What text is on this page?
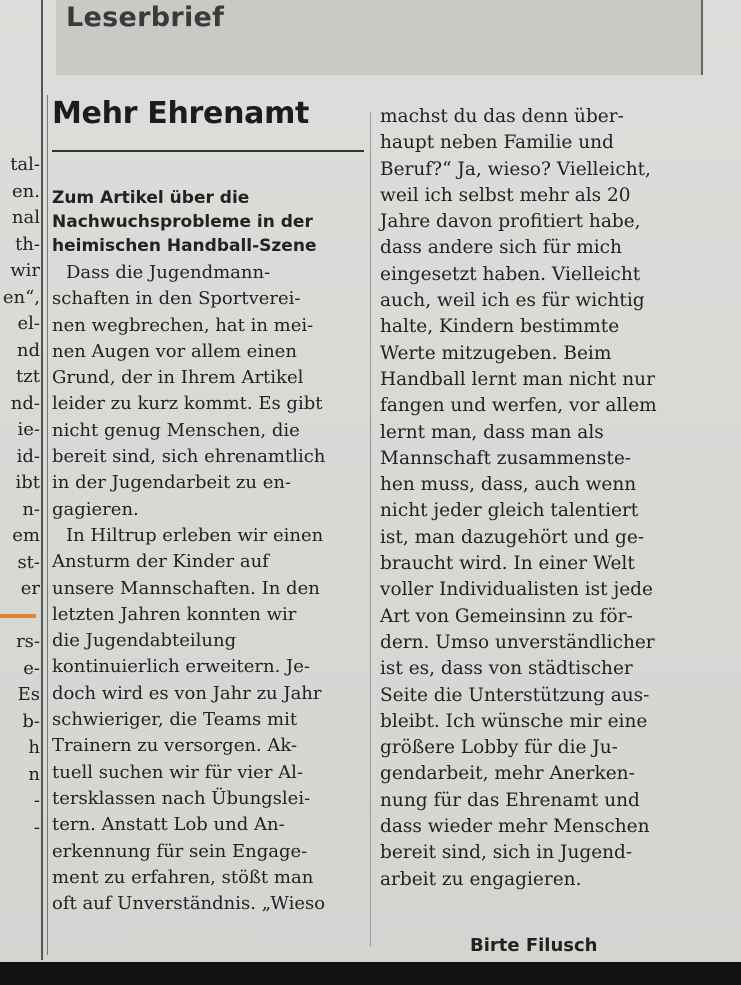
Leserbrief
tal-
en.
nal
th-
wir
en“,
el-
nd
tzt
nd-
ie-
id-
ibt
n-
em
st-
er
rs-
e-
Es
b-
h
n
-
-
Mehr Ehrenamt
Zum Artikel über die
Nachwuchsprobleme in der
heimischen Handball-Szene
Dass die Jugendmann-
schaften in den Sportverei-
nen wegbrechen, hat in mei-
nen Augen vor allem einen
Grund, der in Ihrem Artikel
leider zu kurz kommt. Es gibt
nicht genug Menschen, die
bereit sind, sich ehrenamtlich
in der Jugendarbeit zu en-
gagieren.
In Hiltrup erleben wir einen
Ansturm der Kinder auf
unsere Mannschaften. In den
letzten Jahren konnten wir
die Jugendabteilung
kontinuierlich erweitern. Je-
doch wird es von Jahr zu Jahr
schwieriger, die Teams mit
Trainern zu versorgen. Ak-
tuell suchen wir für vier Al-
tersklassen nach Übungslei-
tern. Anstatt Lob und An-
erkennung für sein Engage-
ment zu erfahren, stößt man
oft auf Unverständnis. „Wieso
machst du das denn über-
haupt neben Familie und
Beruf?“ Ja, wieso? Vielleicht,
weil ich selbst mehr als 20
Jahre davon profitiert habe,
dass andere sich für mich
eingesetzt haben. Vielleicht
auch, weil ich es für wichtig
halte, Kindern bestimmte
Werte mitzugeben. Beim
Handball lernt man nicht nur
fangen und werfen, vor allem
lernt man, dass man als
Mannschaft zusammenste-
hen muss, dass, auch wenn
nicht jeder gleich talentiert
ist, man dazugehört und ge-
braucht wird. In einer Welt
voller Individualisten ist jede
Art von Gemeinsinn zu för-
dern. Umso unverständlicher
ist es, dass von städtischer
Seite die Unterstützung aus-
bleibt. Ich wünsche mir eine
größere Lobby für die Ju-
gendarbeit, mehr Anerken-
nung für das Ehrenamt und
dass wieder mehr Menschen
bereit sind, sich in Jugend-
arbeit zu engagieren.
Birte Filusch
